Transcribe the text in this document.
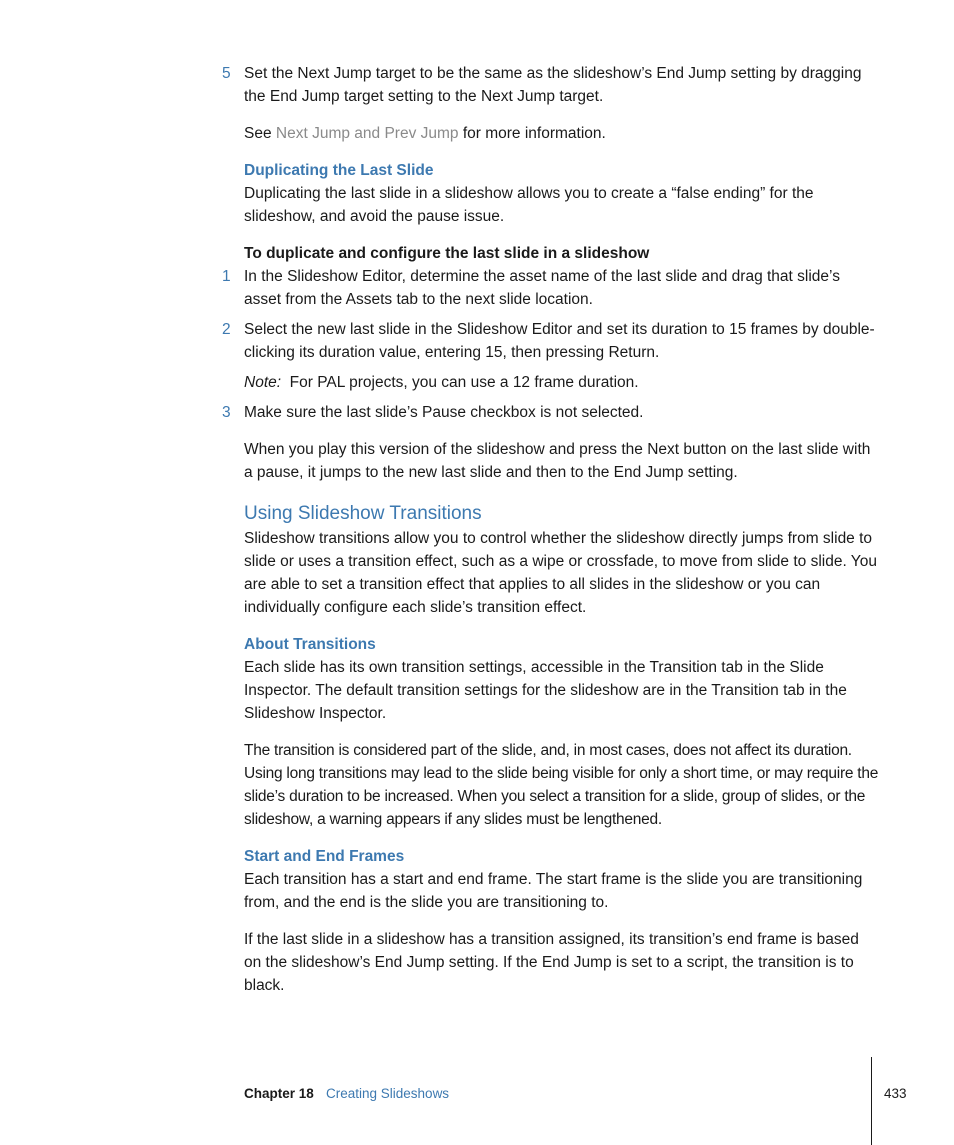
5 Set the Next Jump target to be the same as the slideshow’s End Jump setting by dragging the End Jump target setting to the Next Jump target.

See Next Jump and Prev Jump for more information.

Duplicating the Last Slide

Duplicating the last slide in a slideshow allows you to create a “false ending” for the slideshow, and avoid the pause issue.

To duplicate and configure the last slide in a slideshow
1 In the Slideshow Editor, determine the asset name of the last slide and drag that slide’s asset from the Assets tab to the next slide location.
2 Select the new last slide in the Slideshow Editor and set its duration to 15 frames by double-clicking its duration value, entering 15, then pressing Return.

Note:  For PAL projects, you can use a 12 frame duration.

3 Make sure the last slide’s Pause checkbox is not selected.

When you play this version of the slideshow and press the Next button on the last slide with a pause, it jumps to the new last slide and then to the End Jump setting.

Using Slideshow Transitions

Slideshow transitions allow you to control whether the slideshow directly jumps from slide to slide or uses a transition effect, such as a wipe or crossfade, to move from slide to slide. You are able to set a transition effect that applies to all slides in the slideshow or you can individually configure each slide’s transition effect.

About Transitions

Each slide has its own transition settings, accessible in the Transition tab in the Slide Inspector. The default transition settings for the slideshow are in the Transition tab in the Slideshow Inspector.

The transition is considered part of the slide, and, in most cases, does not affect its duration. Using long transitions may lead to the slide being visible for only a short time, or may require the slide’s duration to be increased. When you select a transition for a slide, group of slides, or the slideshow, a warning appears if any slides must be lengthened.

Start and End Frames

Each transition has a start and end frame. The start frame is the slide you are transitioning from, and the end is the slide you are transitioning to.

If the last slide in a slideshow has a transition assigned, its transition’s end frame is based on the slideshow’s End Jump setting. If the End Jump is set to a script, the transition is to black.

Chapter 18 Creating Slideshows	433
